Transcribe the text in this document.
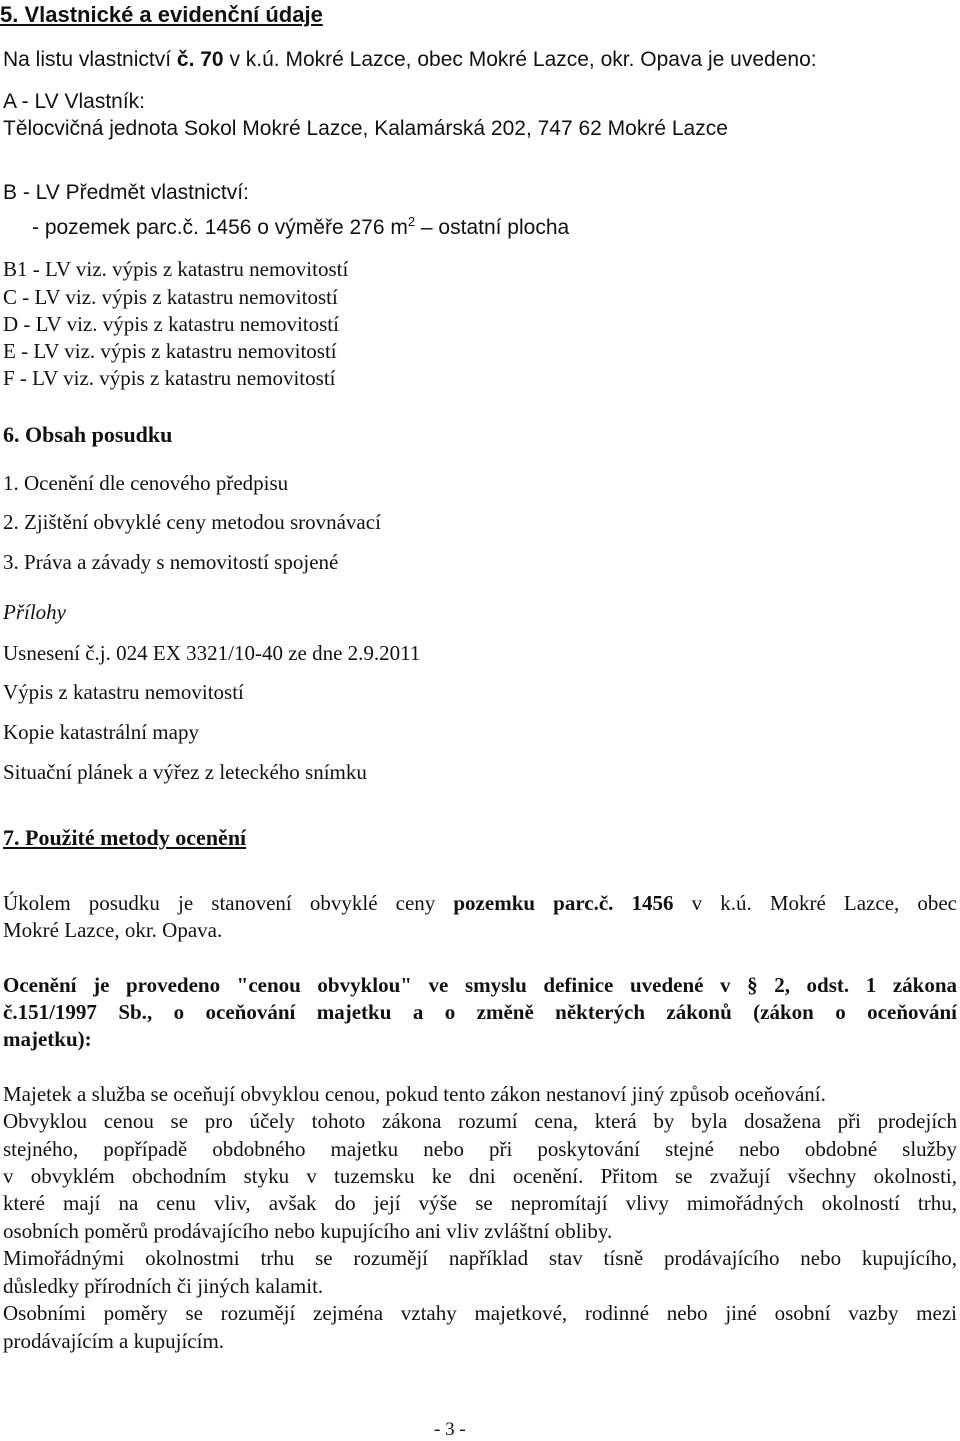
5. Vlastnické a evidenční údaje
Na listu vlastnictví č. 70 v k.ú. Mokré Lazce, obec Mokré Lazce, okr. Opava je uvedeno:
A - LV Vlastník:
Tělocvičná jednota Sokol Mokré Lazce, Kalamárská 202, 747 62 Mokré Lazce
B - LV Předmět vlastnictví:
- pozemek parc.č. 1456 o výměře 276 $m^2$ – ostatní plocha
B1 - LV viz. výpis z katastru nemovitostí
C - LV viz. výpis z katastru nemovitostí
D - LV viz. výpis z katastru nemovitostí
E - LV viz. výpis z katastru nemovitostí
F - LV viz. výpis z katastru nemovitostí
6. Obsah posudku
1. Ocenění dle cenového předpisu
2. Zjištění obvyklé ceny metodou srovnávací
3. Práva a závady s nemovitostí spojené
Přílohy
Usnesení č.j. 024 EX 3321/10-40 ze dne 2.9.2011
Výpis z katastru nemovitostí
Kopie katastrální mapy
Situační plánek a výřez z leteckého snímku
7. Použité metody ocenění
Úkolem posudku je stanovení obvyklé ceny pozemku parc.č. 1456 v k.ú. Mokré Lazce, obec
Mokré Lazce, okr. Opava.
Ocenění je provedeno "cenou obvyklou" ve smyslu definice uvedené v § 2, odst. 1 zákona
č.151/1997 Sb., o oceňování majetku a o změně některých zákonů (zákon o oceňování
majetku):
Majetek a služba se oceňují obvyklou cenou, pokud tento zákon nestanoví jiný způsob oceňování.
Obvyklou cenou se pro účely tohoto zákona rozumí cena, která by byla dosažena při prodejích
stejného, popřípadě obdobného majetku nebo při poskytování stejné nebo obdobné služby
v obvyklém obchodním styku v tuzemsku ke dni ocenění. Přitom se zvažují všechny okolnosti,
které mají na cenu vliv, avšak do její výše se nepromítají vlivy mimořádných okolností trhu,
osobních poměrů prodávajícího nebo kupujícího ani vliv zvláštní obliby.
Mimořádnými okolnostmi trhu se rozumějí například stav tísně prodávajícího nebo kupujícího,
důsledky přírodních či jiných kalamit.
Osobními poměry se rozumějí zejména vztahy majetkové, rodinné nebo jiné osobní vazby mezi
prodávajícím a kupujícím.
- 3 -
